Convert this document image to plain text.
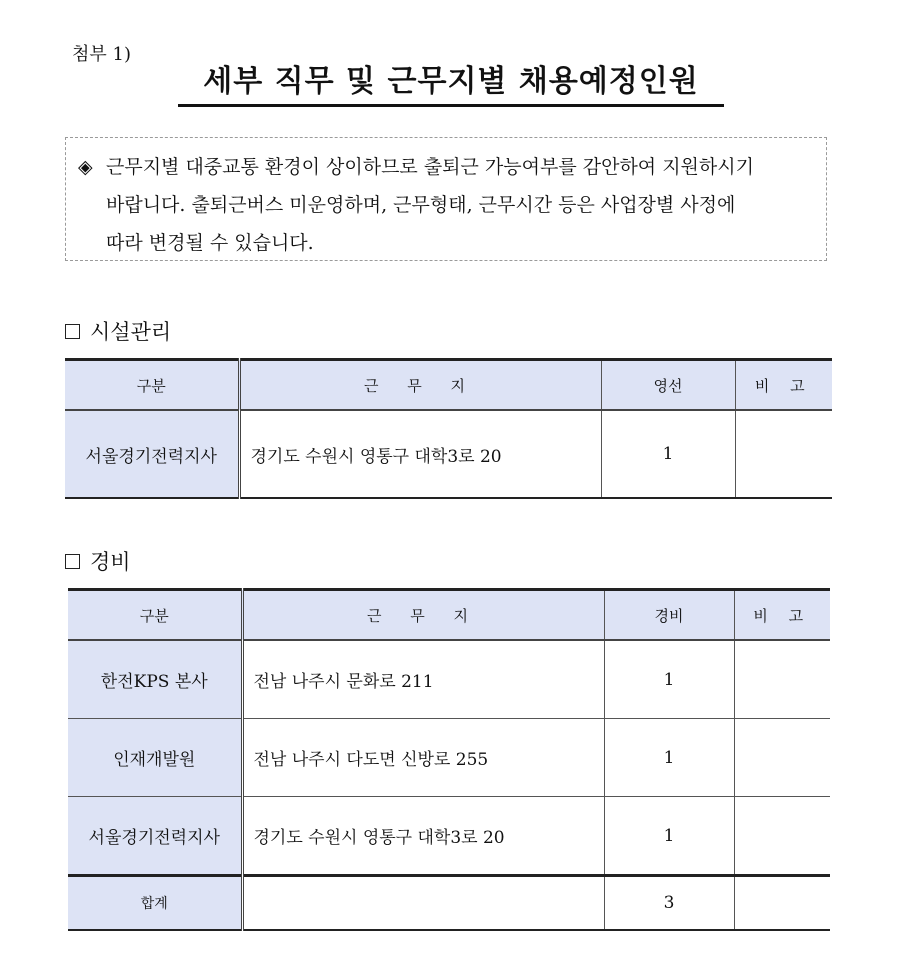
첨부 1)
세부 직무 및 근무지별 채용예정인원
◈ 근무지별 대중교통 환경이 상이하므로 출퇴근 가능여부를 감안하여 지원하시기
바랍니다. 출퇴근버스 미운영하며, 근무형태, 근무시간 등은 사업장별 사정에
따라 변경될 수 있습니다.
시설관리
구분	근 무 지	영선	비 고
서울경기전력지사	경기도 수원시 영통구 대학3로 20	1	
경비
구분	근 무 지	경비	비 고
한전KPS 본사	전남 나주시 문화로 211	1	
인재개발원	전남 나주시 다도면 신방로 255	1	
서울경기전력지사	경기도 수원시 영통구 대학3로 20	1	
합계		3	
